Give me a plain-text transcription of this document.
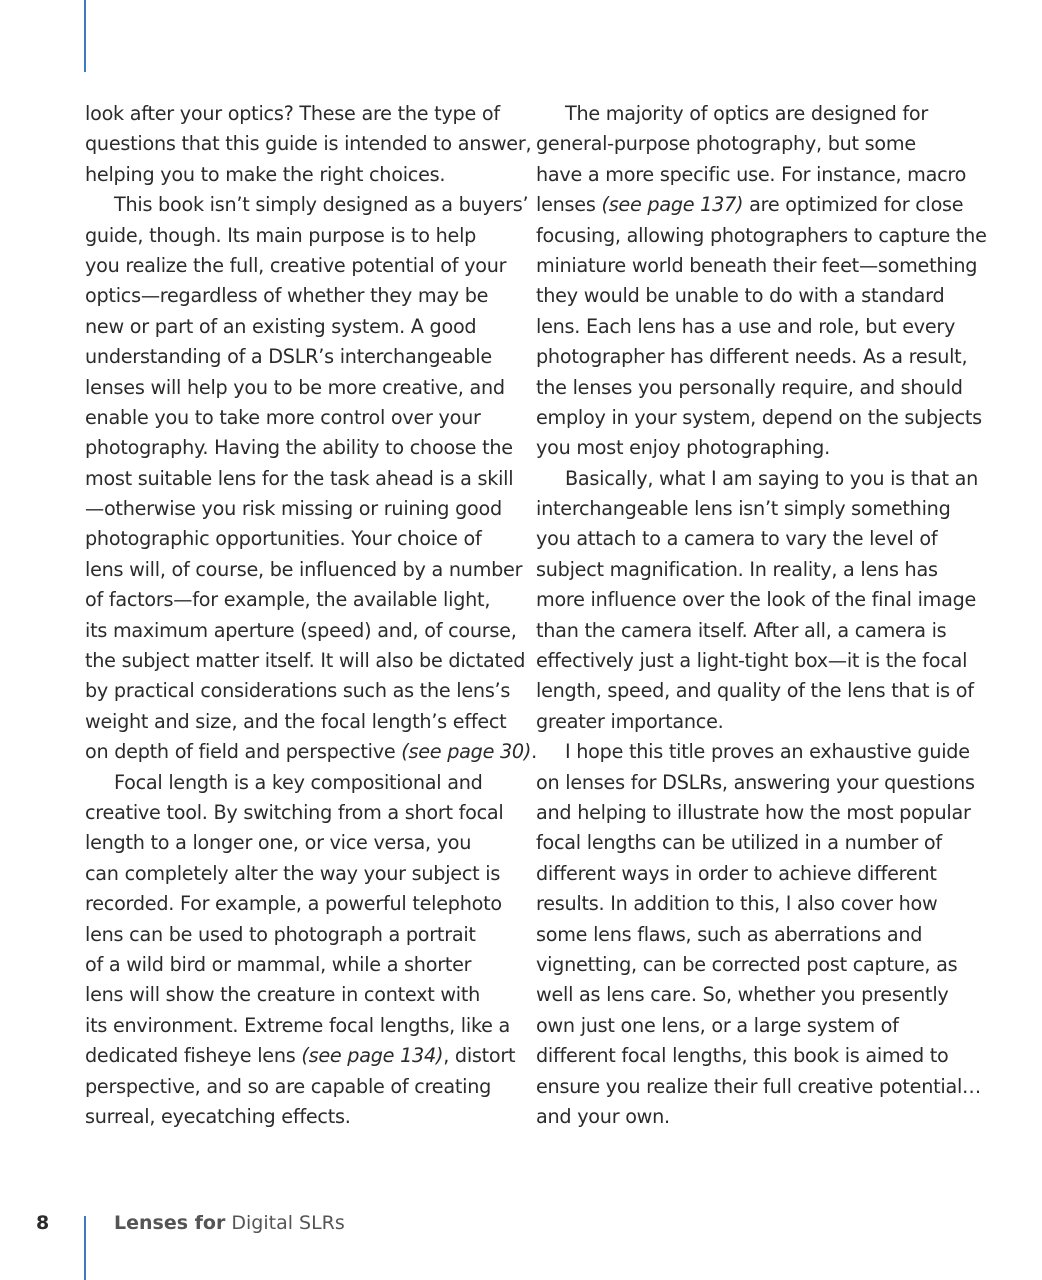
look after your optics? These are the type of
questions that this guide is intended to answer,
helping you to make the right choices.
This book isn’t simply designed as a buyers’
guide, though. Its main purpose is to help
you realize the full, creative potential of your
optics—regardless of whether they may be
new or part of an existing system. A good
understanding of a DSLR’s interchangeable
lenses will help you to be more creative, and
enable you to take more control over your
photography. Having the ability to choose the
most suitable lens for the task ahead is a skill
—otherwise you risk missing or ruining good
photographic opportunities. Your choice of
lens will, of course, be influenced by a number
of factors—for example, the available light,
its maximum aperture (speed) and, of course,
the subject matter itself. It will also be dictated
by practical considerations such as the lens’s
weight and size, and the focal length’s effect
on depth of field and perspective (see page 30).
Focal length is a key compositional and
creative tool. By switching from a short focal
length to a longer one, or vice versa, you
can completely alter the way your subject is
recorded. For example, a powerful telephoto
lens can be used to photograph a portrait
of a wild bird or mammal, while a shorter
lens will show the creature in context with
its environment. Extreme focal lengths, like a
dedicated fisheye lens (see page 134), distort
perspective, and so are capable of creating
surreal, eyecatching effects.
The majority of optics are designed for
general-purpose photography, but some
have a more specific use. For instance, macro
lenses (see page 137) are optimized for close
focusing, allowing photographers to capture the
miniature world beneath their feet—something
they would be unable to do with a standard
lens. Each lens has a use and role, but every
photographer has different needs. As a result,
the lenses you personally require, and should
employ in your system, depend on the subjects
you most enjoy photographing.
Basically, what I am saying to you is that an
interchangeable lens isn’t simply something
you attach to a camera to vary the level of
subject magnification. In reality, a lens has
more influence over the look of the final image
than the camera itself. After all, a camera is
effectively just a light-tight box—it is the focal
length, speed, and quality of the lens that is of
greater importance.
I hope this title proves an exhaustive guide
on lenses for DSLRs, answering your questions
and helping to illustrate how the most popular
focal lengths can be utilized in a number of
different ways in order to achieve different
results. In addition to this, I also cover how
some lens flaws, such as aberrations and
vignetting, can be corrected post capture, as
well as lens care. So, whether you presently
own just one lens, or a large system of
different focal lengths, this book is aimed to
ensure you realize their full creative potential…
and your own.
8	Lenses for Digital SLRs
